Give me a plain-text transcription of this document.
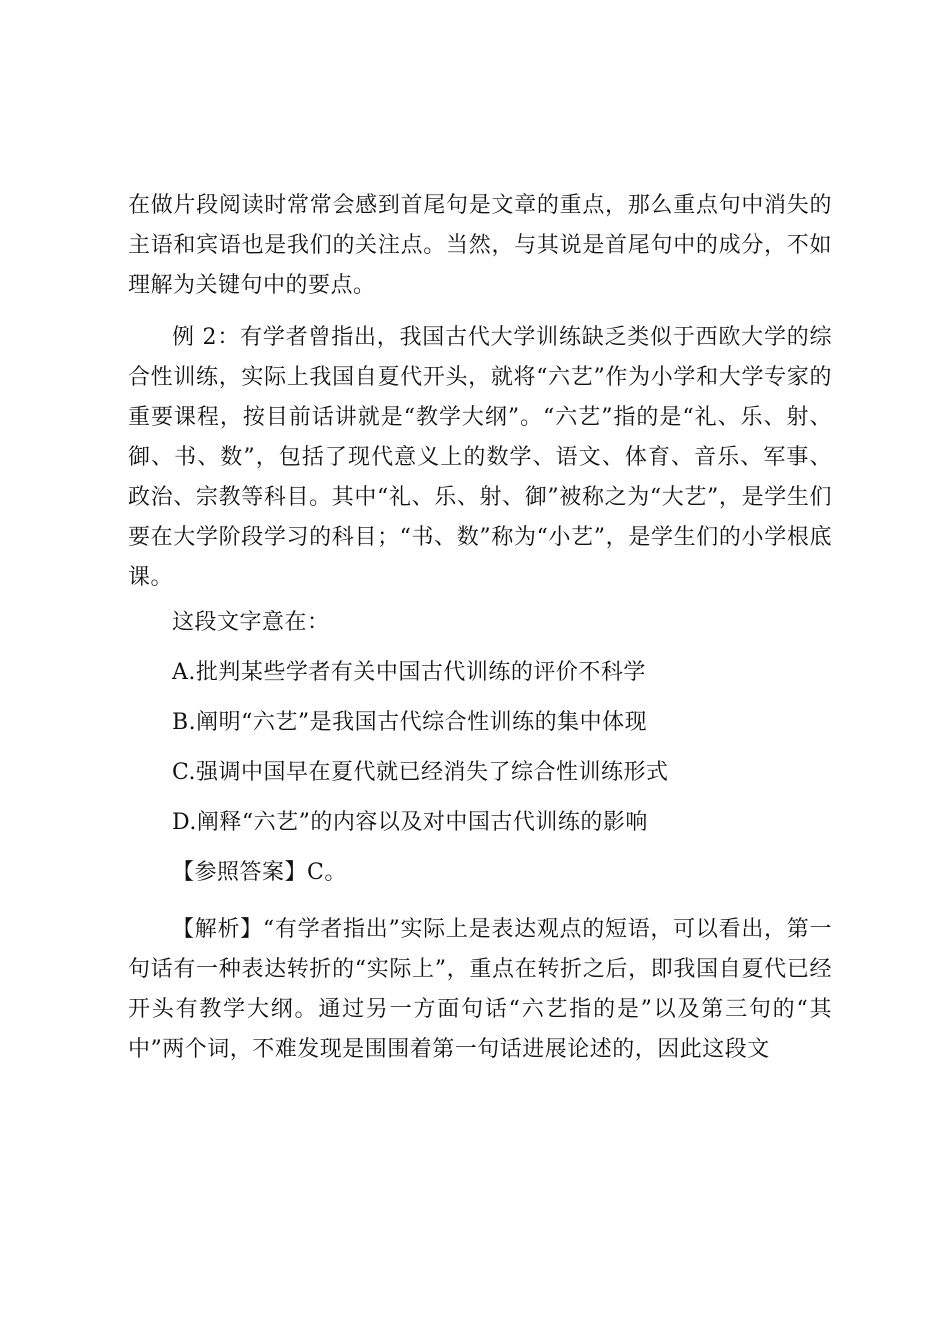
在做片段阅读时常常会感到首尾句是文章的重点，那么重点句中消失的主语和宾语也是我们的关注点。当然，与其说是首尾句中的成分，不如理解为关键句中的要点。

例 2：有学者曾指出，我国古代大学训练缺乏类似于西欧大学的综合性训练，实际上我国自夏代开头，就将“六艺”作为小学和大学专家的重要课程，按目前话讲就是“教学大纲”。“六艺”指的是“礼、乐、射、御、书、数”，包括了现代意义上的数学、语文、体育、音乐、军事、政治、宗教等科目。其中“礼、乐、射、御”被称之为“大艺”，是学生们要在大学阶段学习的科目；“书、数”称为“小艺”，是学生们的小学根底课。

这段文字意在：

A.批判某些学者有关中国古代训练的评价不科学

B.阐明“六艺”是我国古代综合性训练的集中体现

C.强调中国早在夏代就已经消失了综合性训练形式

D.阐释“六艺”的内容以及对中国古代训练的影响

【参照答案】C。

【解析】“有学者指出”实际上是表达观点的短语，可以看出，第一句话有一种表达转折的“实际上”，重点在转折之后，即我国自夏代已经开头有教学大纲。通过另一方面句话“六艺指的是”以及第三句的“其中”两个词，不难发现是围围着第一句话进展论述的，因此这段文
